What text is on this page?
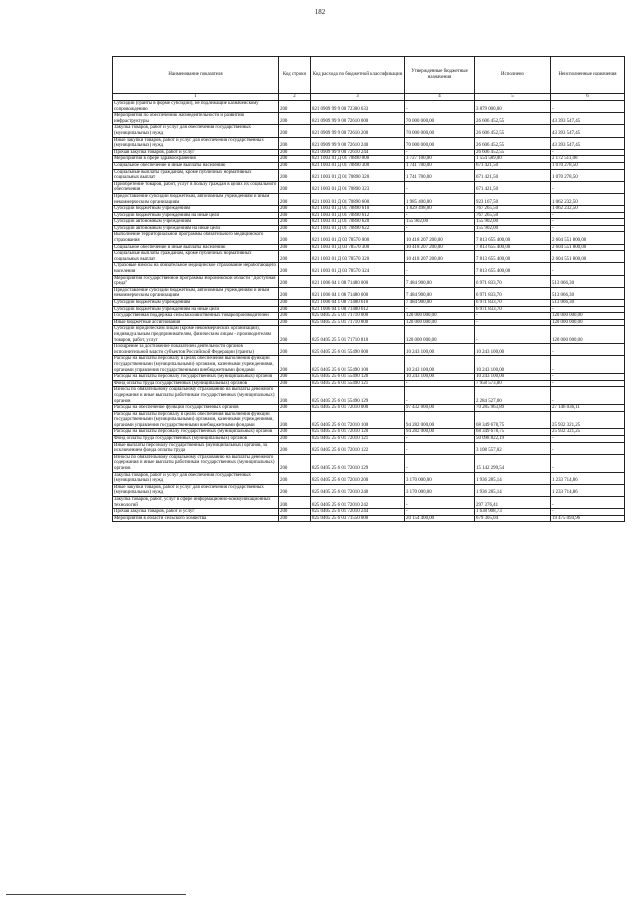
182
Наименование показателя	Код строки	Код расхода по бюджетной классификации	Утвержденные бюджетные назначения	Исполнено	Неисполненные назначения
1	2	3	4	5	6
Субсидии (гранты в форме субсидий), не подлежащие казначейскому сопровождению	200	821 0909 99 9 00 72300 633	-	3 879 000,00	-
Мероприятия по обеспечению жизнедеятельности и развитию инфраструктуры	200	821 0909 99 9 00 72610 000	70 000 000,00	26 606 452,55	43 393 547,45
Закупка товаров, работ и услуг для обеспечения государственных (муниципальных) нужд	200	821 0909 99 9 00 72610 200	70 000 000,00	26 606 452,55	43 393 547,45
Иные закупки товаров, работ и услуг для обеспечения государственных (муниципальных) нужд	200	821 0909 99 9 00 72610 240	70 000 000,00	26 606 452,55	43 393 547,45
Прочая закупка товаров, работ и услуг	200	821 0909 99 9 00 72610 244	-	26 606 452,55	-
Мероприятия в сфере здравоохранения	200	821 1003 01 Д 01 70890 000	3 727 100,00	1 554 589,00	2 172 511,00
Социальное обеспечение и иные выплаты населению	200	821 1003 01 Д 01 70890 300	1 741 700,00	671 421,50	1 070 278,50
Социальные выплаты гражданам, кроме публичных нормативных социальных выплат	200	821 1003 01 Д 01 70890 320	1 741 700,00	671 421,50	1 070 278,50
Приобретение товаров, работ, услуг в пользу граждан в целях их социального обеспечения	200	821 1003 01 Д 01 70890 323	-	671 421,50	-
Предоставление субсидий бюджетным, автономным учреждениям и иным некоммерческим организациям	200	821 1003 01 Д 01 70890 600	1 985 400,00	923 167,50	1 062 232,50
Субсидии бюджетным учреждениям	200	821 1003 01 Д 01 70890 610	1 829 498,00	767 265,50	1 062 232,50
Субсидии бюджетным учреждениям на иные цели	200	821 1003 01 Д 01 70890 612	-	767 265,50	-
Субсидии автономным учреждениям	200	821 1003 01 Д 01 70890 620	155 902,00	155 902,00	-
Субсидии автономным учреждениям на иные цели	200	821 1003 01 Д 01 70890 622	-	155 902,00	-
Выполнение территориальной программы обязательного медицинского страхования	200	821 1003 01 Д 03 78570 000	10 418 207 200,00	7 813 655 400,00	2 604 551 800,00
Социальное обеспечение и иные выплаты населению	200	821 1003 01 Д 03 78570 300	10 418 207 200,00	7 813 655 400,00	2 604 551 800,00
Социальные выплаты гражданам, кроме публичных нормативных социальных выплат	200	821 1003 01 Д 03 78570 320	10 418 207 200,00	7 813 655 400,00	2 604 551 800,00
Страховые взносы на обязательное медицинское страхование неработающего населения	200	821 1003 01 Д 03 78570 324	-	7 813 655 400,00	-
Мероприятия государственной программы Воронежской области "Доступная среда"	200	821 1006 04 1 08 71480 000	7 484 900,00	6 971 833,70	513 066,30
Предоставление субсидий бюджетным, автономным учреждениям и иным некоммерческим организациям	200	821 1006 04 1 08 71480 600	7 484 900,00	6 971 833,70	513 066,30
Субсидии бюджетным учреждениям	200	821 1006 04 1 08 71480 610	7 484 900,00	6 971 833,70	513 066,30
Субсидии бюджетным учреждениям на иные цели	200	821 1006 04 1 08 71480 612	-	6 971 833,70	-
Государственная поддержка сельскохозяйственных товаропроизводителей	200	825 0405 25 5 01 71710 000	120 000 000,00	-	120 000 000,00
Иные бюджетные ассигнования	200	825 0405 25 5 01 71710 800	120 000 000,00	-	120 000 000,00
Субсидии юридическим лицам (кроме некоммерческих организаций), индивидуальным предпринимателям, физическим лицам - производителям товаров, работ, услуг	200	825 0405 25 5 01 71710 810	120 000 000,00	-	120 000 000,00
Поощрение за достижение показателей деятельности органов исполнительной власти субъектов Российской Федерации (гранты)	200	825 0405 25 6 01 55490 000	10 243 100,00	10 243 100,00	-
Расходы на выплаты персоналу в целях обеспечения выполнения функций государственными (муниципальными) органами, казенными учреждениями, органами управления государственными внебюджетными фондами	200	825 0405 25 6 01 55490 100	10 243 100,00	10 243 100,00	-
Расходы на выплаты персоналу государственных (муниципальных) органов	200	825 0405 25 6 01 55490 120	10 243 100,00	10 243 100,00	-
Фонд оплаты труда государственных (муниципальных) органов	200	825 0405 25 6 01 55490 121	-	7 958 573,00	-
Взносы по обязательному социальному страхованию на выплаты денежного содержания и иные выплаты работникам государственных (муниципальных) органов	200	825 0405 25 6 01 55490 129	-	2 284 527,00	-
Расходы на обеспечение функций государственных органов	200	825 0405 25 6 01 72010 000	97 432 000,00	70 285 963,89	27 146 036,11
Расходы на выплаты персоналу в целях обеспечения выполнения функций государственными (муниципальными) органами, казенными учреждениями, органами управления государственными внебюджетными фондами	200	825 0405 25 6 01 72010 100	94 282 000,00	68 349 678,75	25 932 321,25
Расходы на выплаты персоналу государственных (муниципальных) органов	200	825 0405 25 6 01 72010 120	94 282 000,00	68 349 678,75	25 932 321,25
Фонд оплаты труда государственных (муниципальных) органов	200	825 0405 25 6 01 72010 121	-	50 098 822,19	-
Иные выплаты персоналу государственных (муниципальных) органов, за исключением фонда оплаты труда	200	825 0405 25 6 01 72010 122	-	3 108 557,02	-
Взносы по обязательному социальному страхованию на выплаты денежного содержания и иные выплаты работникам государственных (муниципальных) органов	200	825 0405 25 6 01 72010 129	-	15 142 299,54	-
Закупка товаров, работ и услуг для обеспечения государственных (муниципальных) нужд	200	825 0405 25 6 01 72010 200	3 170 000,00	1 936 285,14	1 233 714,86
Иные закупки товаров, работ и услуг для обеспечения государственных (муниципальных) нужд	200	825 0405 25 6 01 72010 240	3 170 000,00	1 936 285,14	1 233 714,86
Закупка товаров, работ, услуг в сфере информационно-коммуникационных технологий	200	825 0405 25 6 01 72010 242	-	297 376,41	-
Прочая закупка товаров, работ и услуг	200	825 0405 25 6 01 72010 244	-	1 638 908,73	-
Мероприятия в области сельского хозяйства	200	825 0405 25 6 03 71550 000	20 154 400,00	679 305,04	19 475 094,96
